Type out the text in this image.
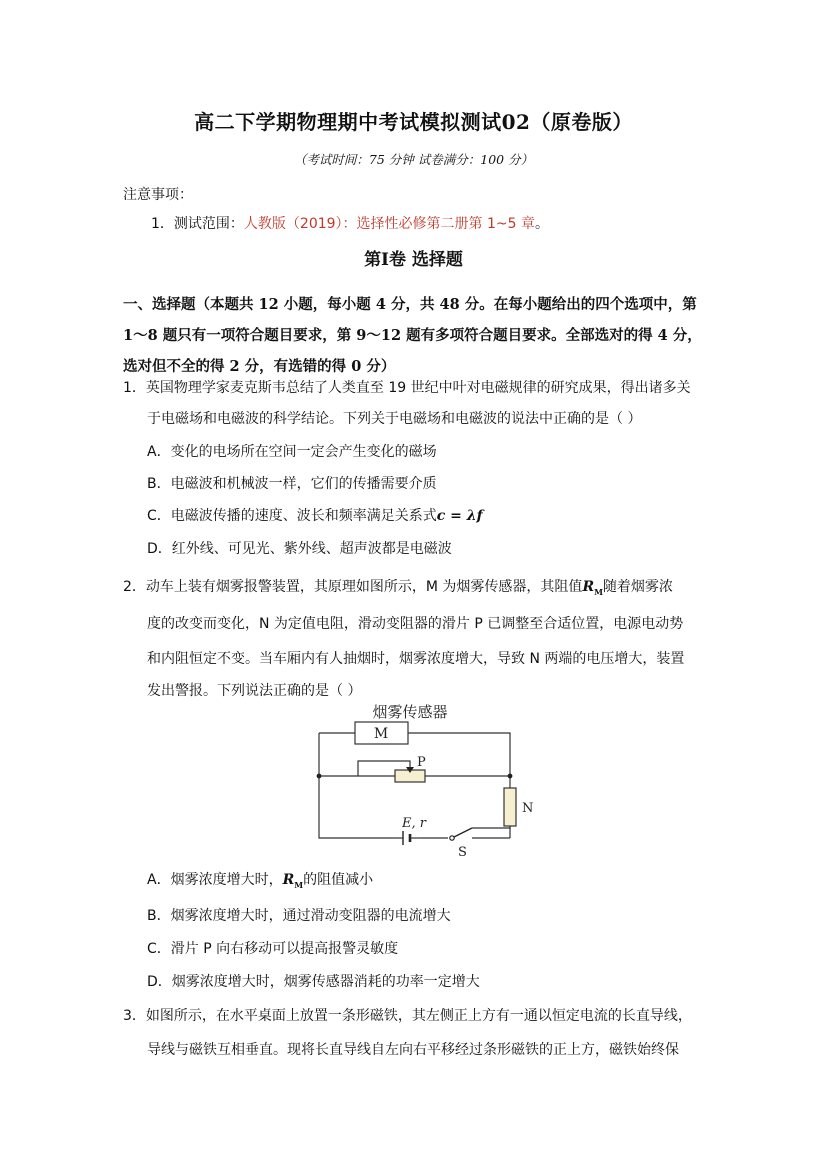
高二下学期物理期中考试模拟测试02（原卷版）
（考试时间：75 分钟 试卷满分：100 分）
注意事项：
1．测试范围：人教版（2019）：选择性必修第二册第 1~5 章。
第Ⅰ卷 选择题
一、选择题（本题共 12 小题，每小题 4 分，共 48 分。在每小题给出的四个选项中，第 1～8 题只有一项符合题目要求，第 9～12 题有多项符合题目要求。全部选对的得 4 分，选对但不全的得 2 分，有选错的得 0 分）
1．英国物理学家麦克斯韦总结了人类直至 19 世纪中叶对电磁规律的研究成果，得出诸多关
于电磁场和电磁波的科学结论。下列关于电磁场和电磁波的说法中正确的是（ ）
A．变化的电场所在空间一定会产生变化的磁场
B．电磁波和机械波一样，它们的传播需要介质
C．电磁波传播的速度、波长和频率满足关系式c = λf
D．红外线、可见光、紫外线、超声波都是电磁波
2．动车上装有烟雾报警装置，其原理如图所示，M 为烟雾传感器，其阻值$R_M$随着烟雾浓
度的改变而变化，N 为定值电阻，滑动变阻器的滑片 P 已调整至合适位置，电源电动势
和内阻恒定不变。当车厢内有人抽烟时，烟雾浓度增大，导致 N 两端的电压增大，装置
发出警报。下列说法正确的是（ ）
M
烟雾传感器
P
N
E, r
S
A．烟雾浓度增大时，$R_M$的阻值减小
B．烟雾浓度增大时，通过滑动变阻器的电流增大
C．滑片 P 向右移动可以提高报警灵敏度
D．烟雾浓度增大时，烟雾传感器消耗的功率一定增大
3．如图所示，在水平桌面上放置一条形磁铁，其左侧正上方有一通以恒定电流的长直导线，
导线与磁铁互相垂直。现将长直导线自左向右平移经过条形磁铁的正上方，磁铁始终保
